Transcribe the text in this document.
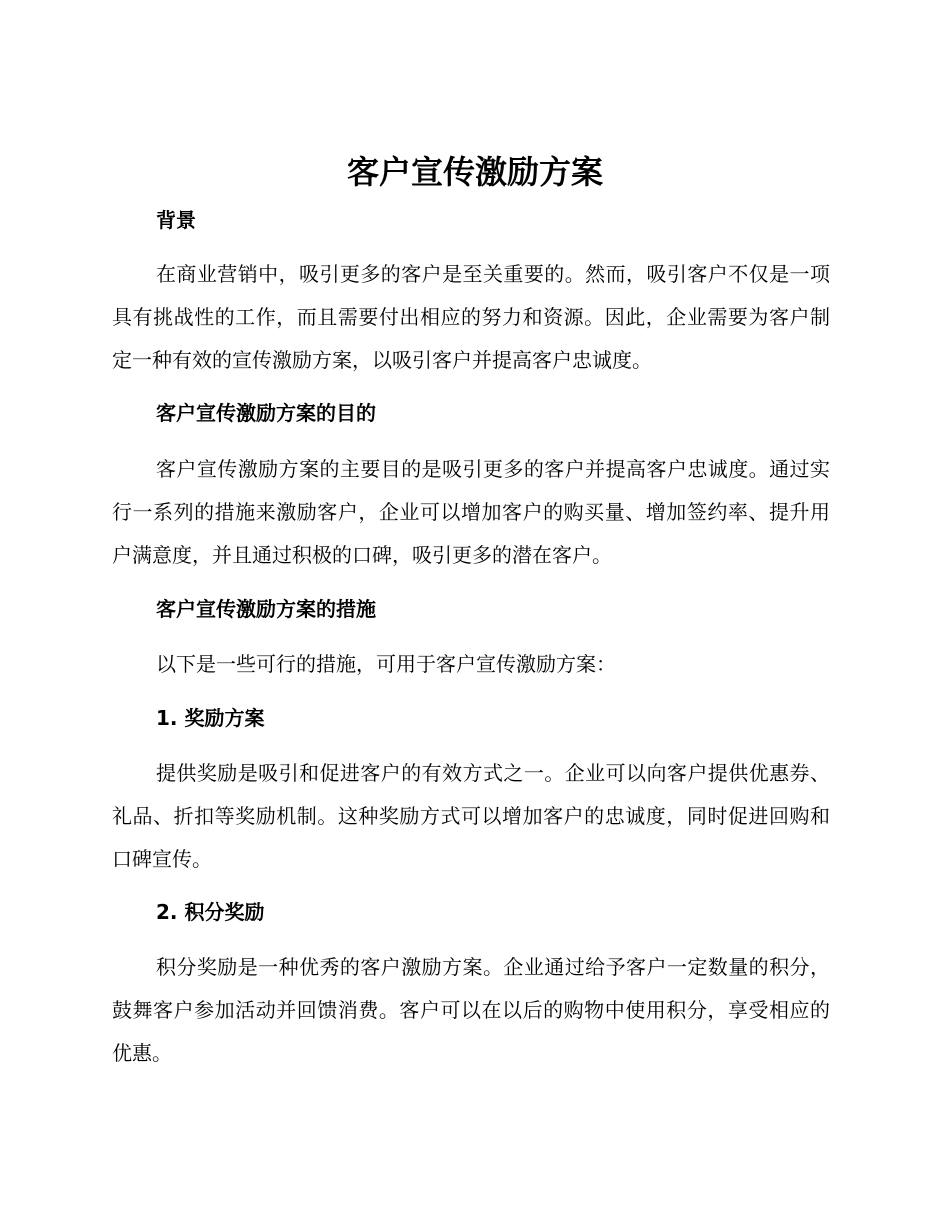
客户宣传激励方案
背景

在商业营销中，吸引更多的客户是至关重要的。然而，吸引客户不仅是一项具有挑战性的工作，而且需要付出相应的努力和资源。因此，企业需要为客户制定一种有效的宣传激励方案，以吸引客户并提高客户忠诚度。

客户宣传激励方案的目的

客户宣传激励方案的主要目的是吸引更多的客户并提高客户忠诚度。通过实行一系列的措施来激励客户，企业可以增加客户的购买量、增加签约率、提升用户满意度，并且通过积极的口碑，吸引更多的潜在客户。

客户宣传激励方案的措施

以下是一些可行的措施，可用于客户宣传激励方案：

1. 奖励方案

提供奖励是吸引和促进客户的有效方式之一。企业可以向客户提供优惠券、礼品、折扣等奖励机制。这种奖励方式可以增加客户的忠诚度，同时促进回购和口碑宣传。

2. 积分奖励

积分奖励是一种优秀的客户激励方案。企业通过给予客户一定数量的积分，鼓舞客户参加活动并回馈消费。客户可以在以后的购物中使用积分，享受相应的优惠。
